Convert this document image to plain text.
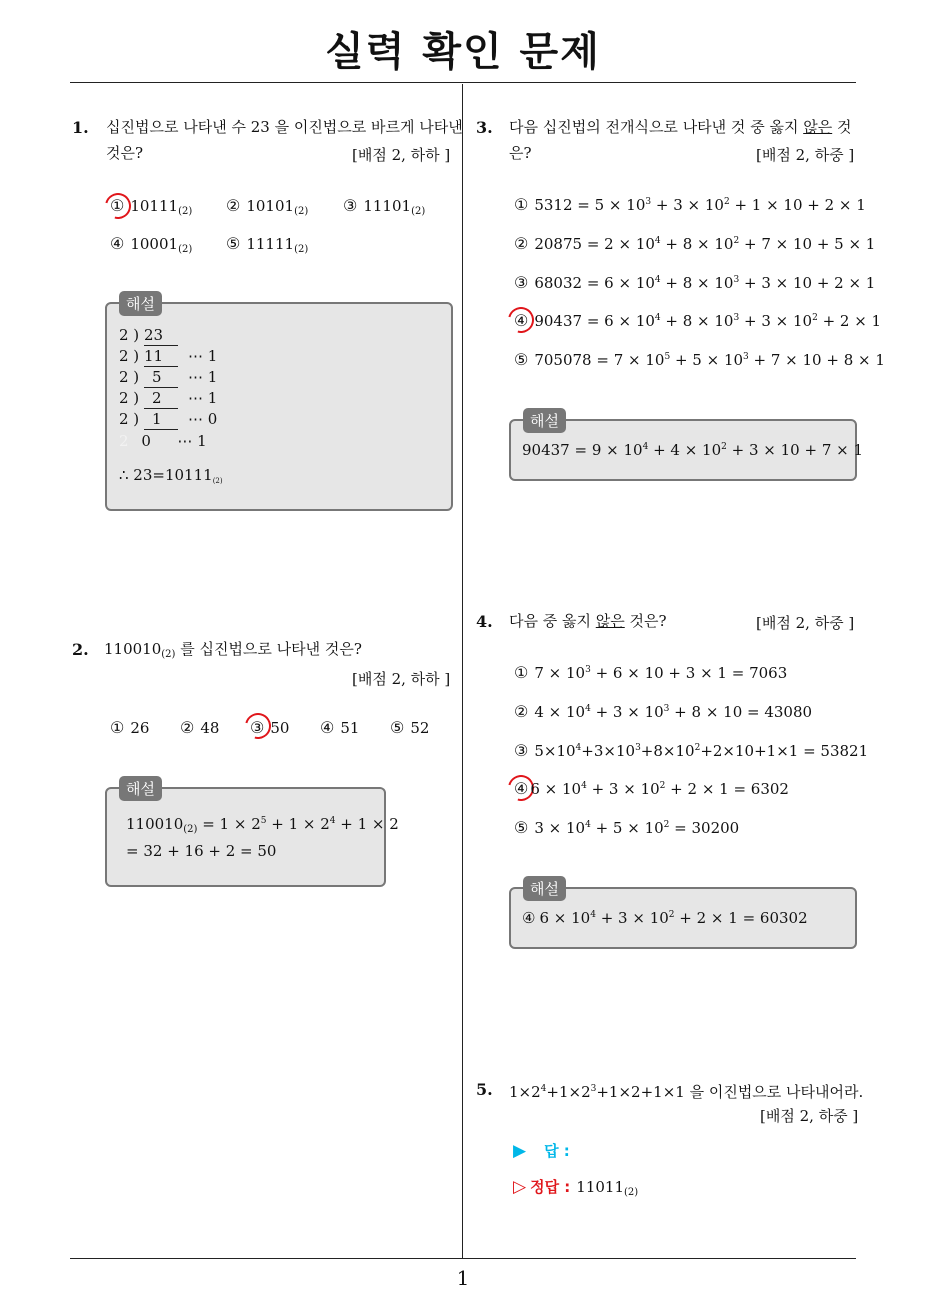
실력 확인 문제
1
1. 십진법으로 나타낸 수 23 을 이진법으로 바르게 나타낸
것은?	[배점 2, 하하 ]
① $10111_{(2)}$ ② $10101_{(2)}$ ③ $11101_{(2)}$
④ $10001_{(2)}$ ⑤ $11111_{(2)}$
해설
2 ) 23
2 ) 11 ⋯ 1
2 ) 5 ⋯ 1
2 ) 2 ⋯ 1
2 ) 1 ⋯ 0
2 0 ⋯ 1
∴ $23=10111_{(2)}$
2. $110010_{(2)}$ 를 십진법으로 나타낸 것은?
[배점 2, 하하 ]
① 26 ② 48 ③ 50 ④ 51 ⑤ 52
해설
$110010_{(2)} = 1 \times 2^5 + 1 \times 2^4 + 1 \times 2$
= 32 + 16 + 2 = 50
3. 다음 십진법의 전개식으로 나타낸 것 중 옳지 않은 것
은?	[배점 2, 하중 ]
① $5312 = 5 \times 10^3 + 3 \times 10^2 + 1 \times 10 + 2 \times 1$
② $20875 = 2 \times 10^4 + 8 \times 10^2 + 7 \times 10 + 5 \times 1$
③ $68032 = 6 \times 10^4 + 8 \times 10^3 + 3 \times 10 + 2 \times 1$
④ $90437 = 6 \times 10^4 + 8 \times 10^3 + 3 \times 10^2 + 2 \times 1$
⑤ $705078 = 7 \times 10^5 + 5 \times 10^3 + 7 \times 10 + 8 \times 1$
해설
$90437 = 9 \times 10^4 + 4 \times 10^2 + 3 \times 10 + 7 \times 1$
4. 다음 중 옳지 않은 것은?	[배점 2, 하중 ]
① $7 \times 10^3 + 6 \times 10 + 3 \times 1 = 7063$
② $4 \times 10^4 + 3 \times 10^3 + 8 \times 10 = 43080$
③ $5\times 10^4+3\times 10^3+8\times 10^2+2\times 10+1\times 1 = 53821$
④ $6 \times 10^4 + 3 \times 10^2 + 2 \times 1 = 6302$
⑤ $3 \times 10^4 + 5 \times 10^2 = 30200$
해설
④ $6 \times 10^4 + 3 \times 10^2 + 2 \times 1 = 60302$
5. $1\times 2^4+1\times 2^3+1\times 2+1\times 1$ 을 이진법으로 나타내어라.
[배점 2, 하중 ]
▶ 답 :
▷ 정답 : $11011_{(2)}$
